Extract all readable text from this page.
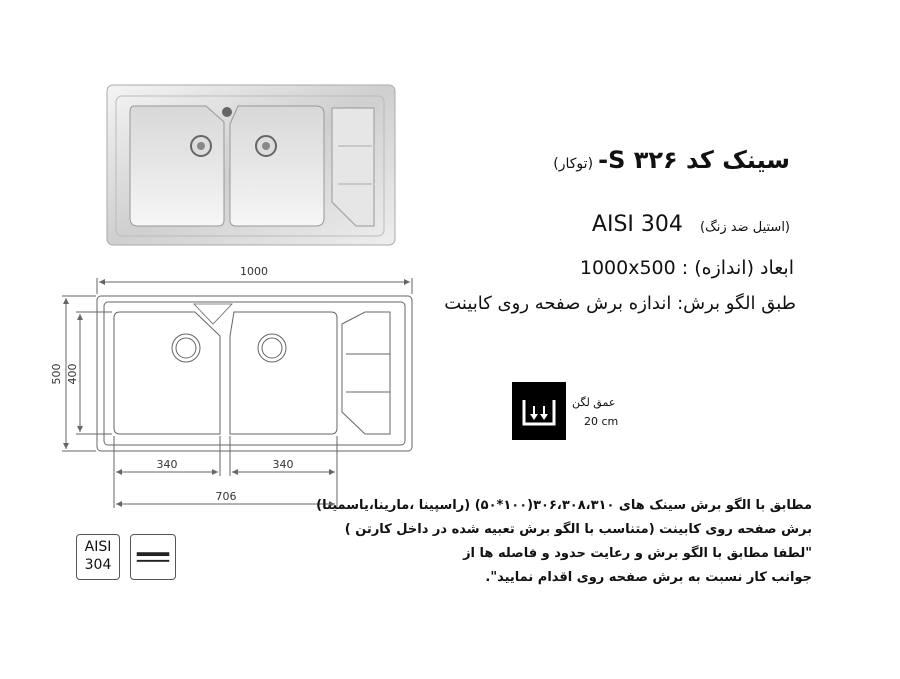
1000
500 400
340	340
706
سینک کد S ۳۲۶- (توکار)
AISI 304 (استیل ضد زنگ)
1000x500 : ابعاد (اندازه)
طبق الگو برش: اندازه برش صفحه روی کابینت
عمق لگن
20 cm
مطابق با الگو برش سینک های ۳۰۶،۳۰۸،۳۱۰(۱۰۰*۵۰) (راسپینا ،مارینا،یاسمینا)
برش صفحه روی کابینت (متناسب با الگو برش تعبیه شده در داخل کارتن )
"لطفا مطابق با الگو برش و رعایت حدود و فاصله ها از
جوانب کار نسبت به برش صفحه روی اقدام نمایید".
AISI
304
